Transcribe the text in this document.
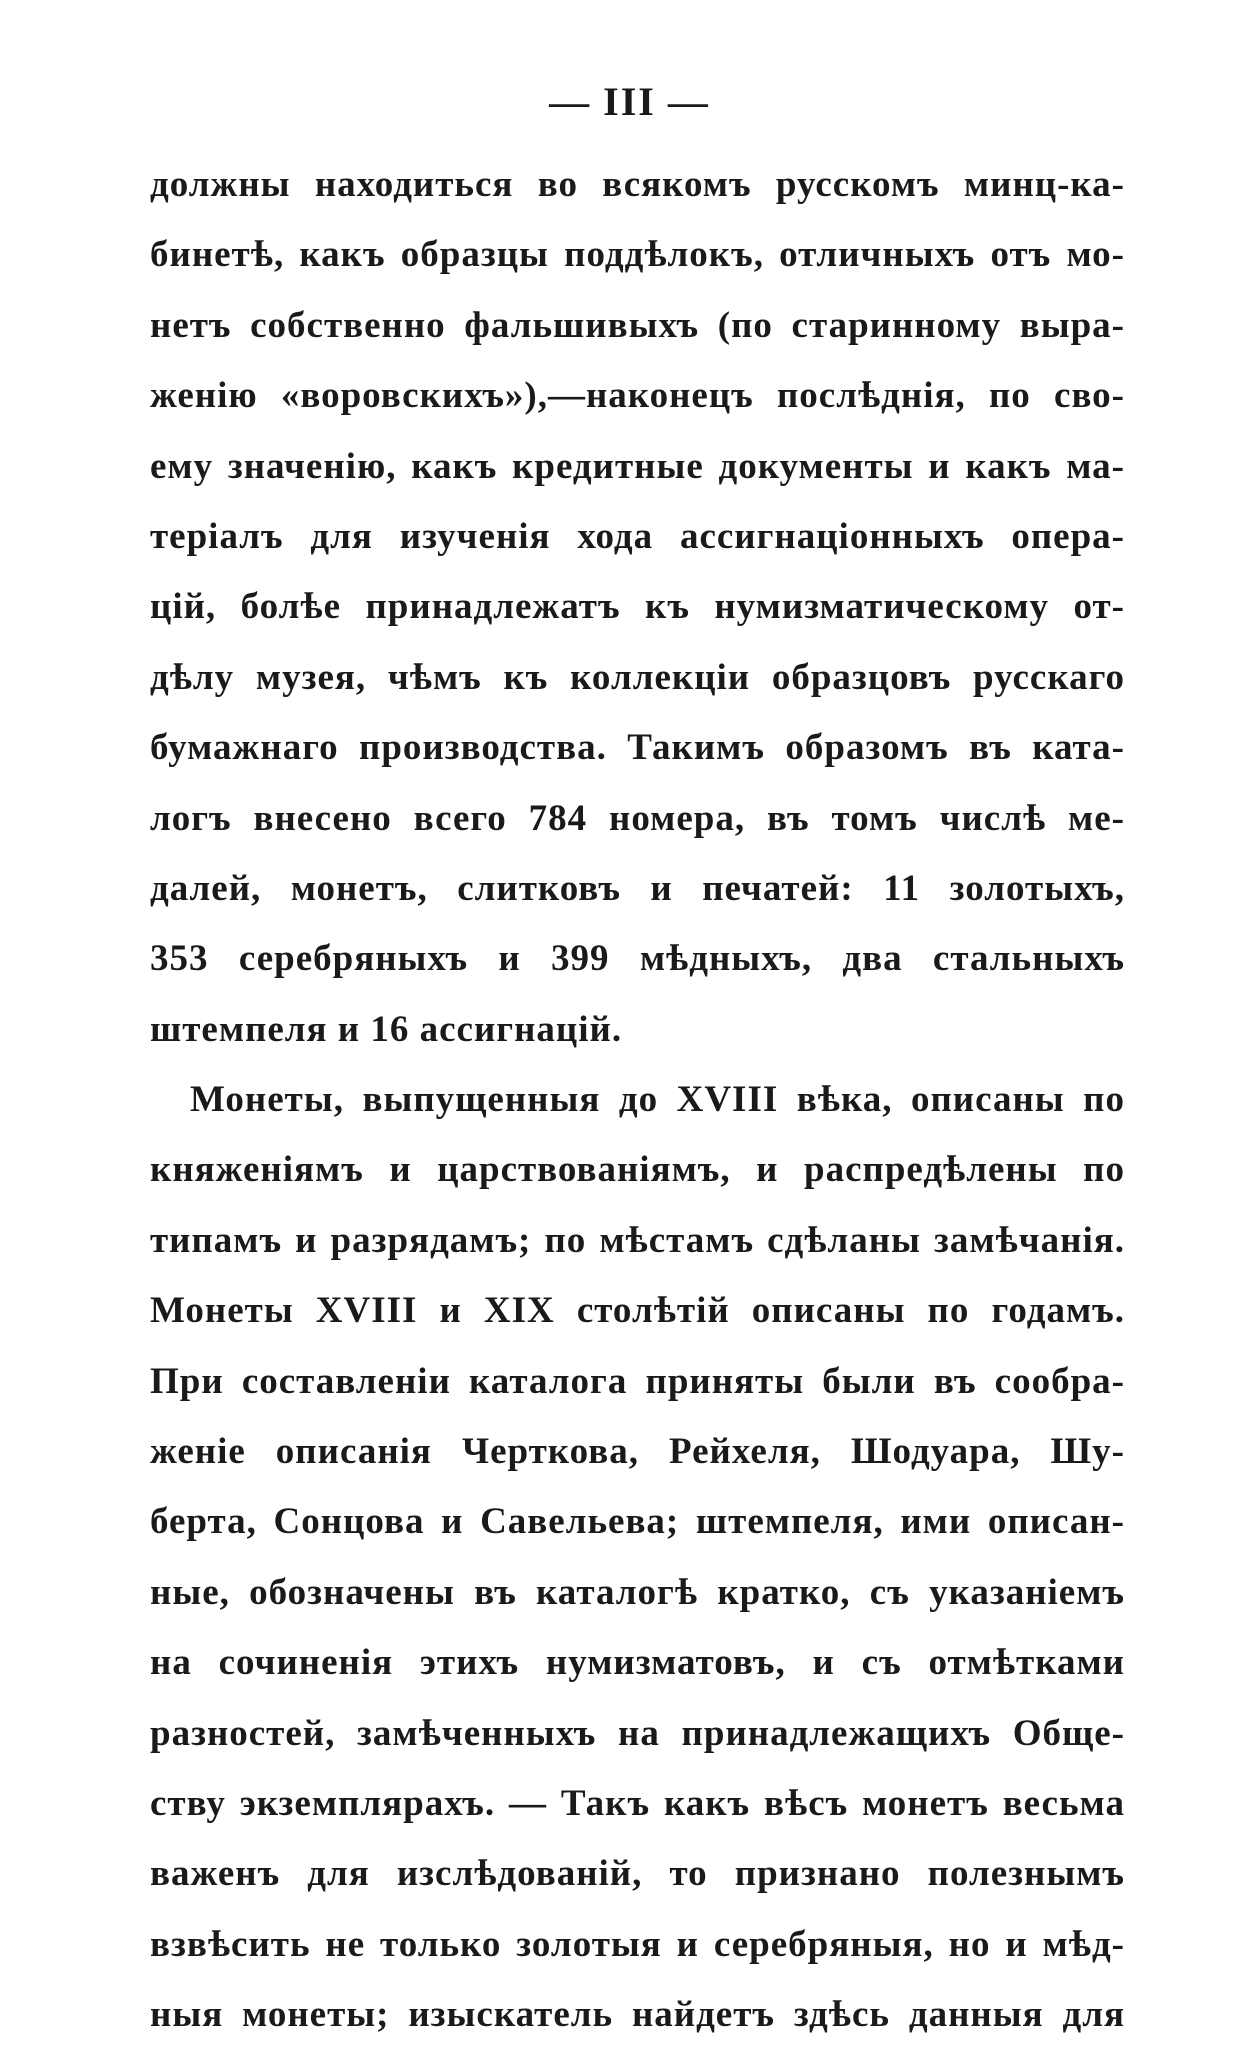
— III —
должны находиться во всякомъ русскомъ минц-ка-
бинетѣ, какъ образцы поддѣлокъ, отличныхъ отъ мо-
нетъ собственно фальшивыхъ (по старинному выра-
женію «воровскихъ»),—наконецъ послѣднія, по сво-
ему значенію, какъ кредитные документы и какъ ма-
теріалъ для изученія хода ассигнаціонныхъ опера-
цій, болѣе принадлежатъ къ нумизматическому от-
дѣлу музея, чѣмъ къ коллекціи образцовъ русскаго
бумажнаго производства. Такимъ образомъ въ ката-
логъ внесено всего 784 номера, въ томъ числѣ ме-
далей, монетъ, слитковъ и печатей: 11 золотыхъ,
353 серебряныхъ и 399 мѣдныхъ, два стальныхъ
штемпеля и 16 ассигнацій.
Монеты, выпущенныя до XVIII вѣка, описаны по
княженіямъ и царствованіямъ, и распредѣлены по
типамъ и разрядамъ; по мѣстамъ сдѣланы замѣчанія.
Монеты XVIII и XIX столѣтій описаны по годамъ.
При составленіи каталога приняты были въ сообра-
женіе описанія Черткова, Рейхеля, Шодуара, Шу-
берта, Сонцова и Савельева; штемпеля, ими описан-
ные, обозначены въ каталогѣ кратко, съ указаніемъ
на сочиненія этихъ нумизматовъ, и съ отмѣтками
разностей, замѣченныхъ на принадлежащихъ Обще-
ству экземплярахъ. — Такъ какъ вѣсъ монетъ весьма
важенъ для изслѣдованій, то признано полезнымъ
взвѣсить не только золотыя и серебряныя, но и мѣд-
ныя монеты; изыскатель найдетъ здѣсь данныя для
